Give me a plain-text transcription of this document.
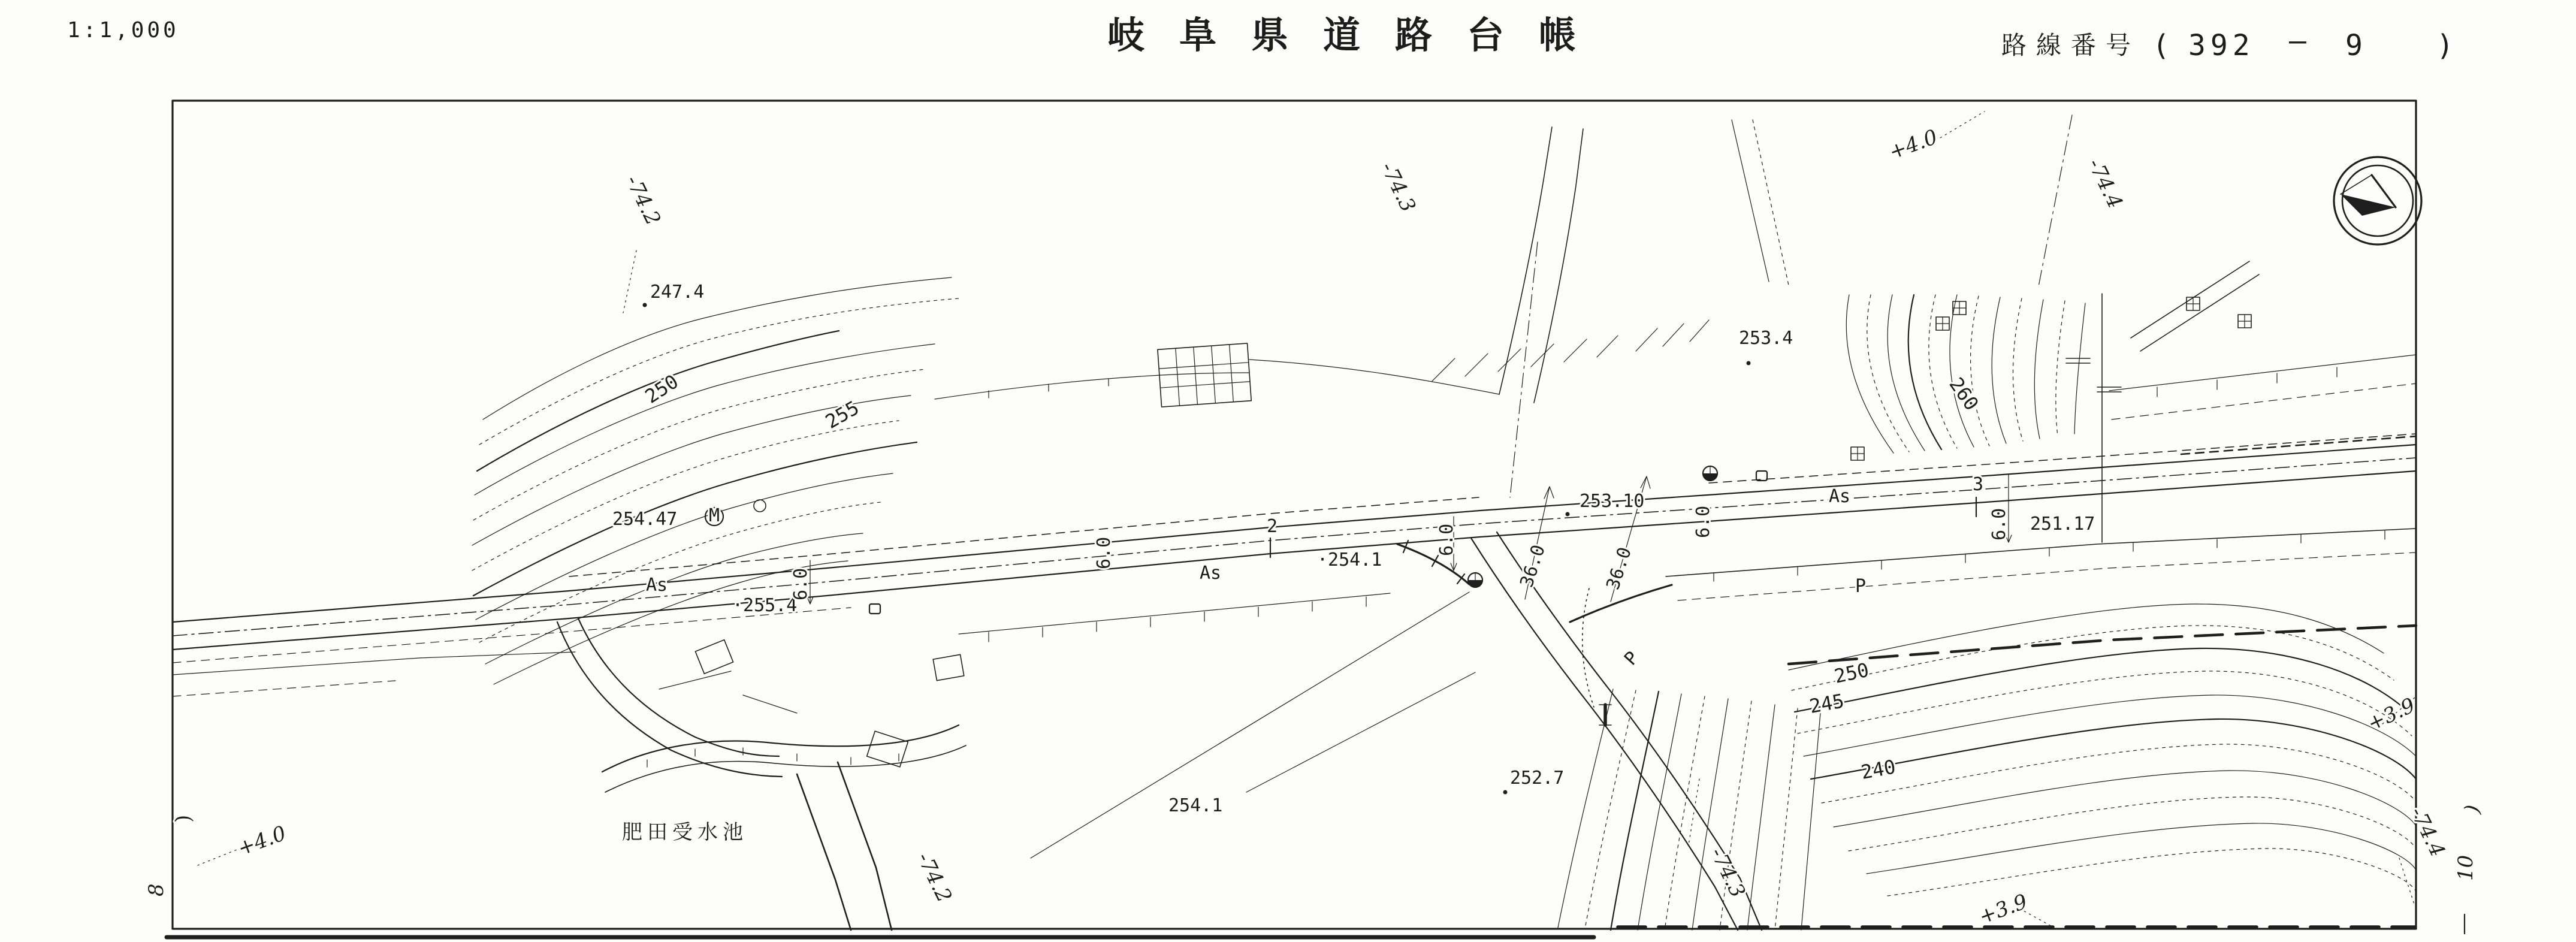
1:1,000	岐阜県道路台帳	路線番号 ( 392 — 9 )
247.4
254.47
·255.4
·254.1
253.10
253.4
251.17
252.7
254.1
As
As
As
P
P
2
3
6.0
6.0	6.0
6.0	6.0
36.0	36.0
250
255
260
250
245
240
肥田受水池
-74.2	-74.3
+4.0
-74.4
+4.0
-74.2	-74.3
+3.9
+3.9
-74.4
8
10
(
(
M
